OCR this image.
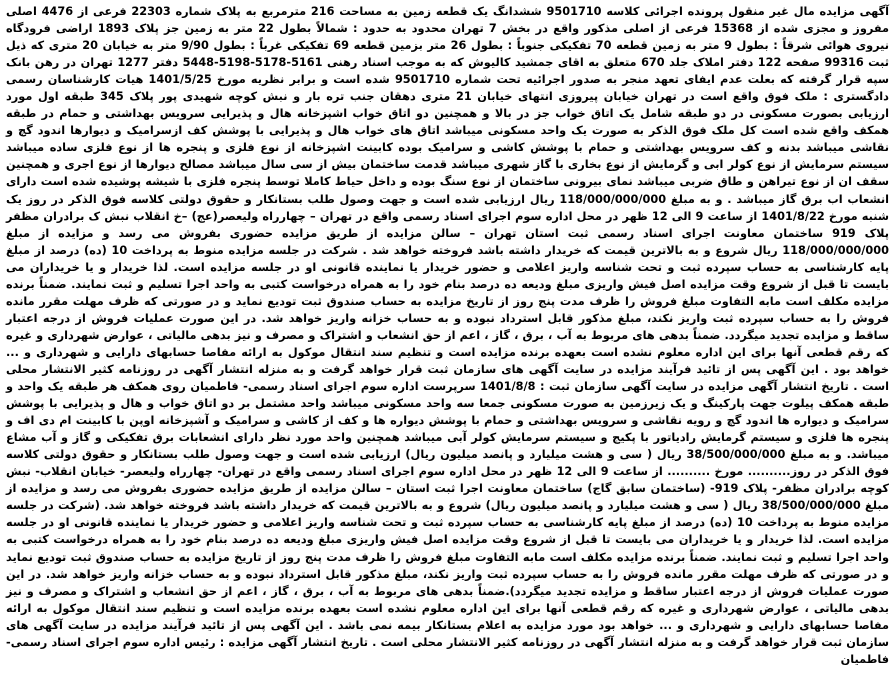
آگهی مزایده مال غیر منقول پرونده اجرائی کلاسه 9501710 ششدانگ یک قطعه زمین به مساحت 216 مترمربع به پلاک شماره 22303 فرعی از 4476 اصلی مفروز و مجزی شده از 15368 فرعی از اصلی مذکور واقع در بخش 7 تهران محدود به حدود : شمالاً بطول 22 متر به زمین جز پلاک 1893 اراضی فرودگاه نیروی هوائی شرقاً : بطول 9 متر به زمین قطعه 70 تفکیکی جنوباً : بطول 26 متر بزمین قطعه 69 تفکیکی غرباً : بطول 9/90 متر به خیابان 20 متری که ذیل ثبت 99316 صفحه 122 دفتر املاک جلد 670 متعلق به اقای جمشید کالیوش که به موجب اسناد رهنی 5161-5178-5198-5448 دفتر 1277 تهران در رهن بانک سپه قرار گرفته که بعلت عدم ایفای تعهد منجر به صدور اجرائیه تحت شماره 9501710 شده است و برابر نظریه مورخ 1401/5/25 هیات کارشناسان رسمی دادگستری : ملک فوق واقع است در تهران خیابان پیروزی انتهای خیابان 21 متری دهقان جنب تره بار و نبش کوچه شهیدی پور پلاک 345 طبقه اول مورد ارزیابی بصورت مسکونی در دو طبقه شامل یک اتاق خواب جز در بالا و همچنین دو اتاق خواب اشپزخانه هال و پذیرایی سرویس بهداشتی و حمام در طبقه همکف واقع شده است کل ملک فوق الذکر به صورت یک واحد مسکونی میباشد اتاق های خواب هال و پذیرایی با پوشش کف ازسرامیک و دیوارها اندود گچ و نقاشی میباشد بدنه و کف سرویس بهداشتی و حمام با پوشش کاشی و سرامیک بوده کابینت اشپزخانه از نوع فلزی و پنجره ها از نوع فلزی ساده میباشد سیستم سرمایش از نوع کولر ابی و گرمایش از نوع بخاری با گاز شهری میباشد قدمت ساختمان بیش از سی سال میباشد مصالح دیوارها از نوع اجری و همچنین سقف ان از نوع تیراهن و طاق ضربی میباشد نمای بیرونی ساختمان از نوع سنگ بوده و داخل حیاط کاملا توسط پنجره فلزی با شیشه پوشیده شده است دارای انشعاب اب برق گاز میباشد . و به مبلغ 118/000/000/000 ریال ارزیابی شده است و جهت وصول طلب بستانکار و حقوق دولتی کلاسه فوق الذکر در روز یک شنبه مورخ 1401/8/22 از ساعت 9 الی 12 ظهر در محل اداره سوم اجرای اسناد رسمی واقع در تهران – چهارراه ولیعصر(عج) –خ انقلاب نبش ک برادران مظفر پلاک 919 ساختمان معاونت اجرای اسناد رسمی ثبت استان تهران – سالن مزایده از طریق مزایده حضوری بفروش می رسد و مزایده از مبلغ 118/000/000/000 ریال شروع و به بالاترین قیمت که خریدار داشته باشد فروخته خواهد شد . شرکت در جلسه مزایده منوط به پرداخت 10 (ده) درصد از مبلغ پایه کارشناسی به حساب سپرده ثبت و تحت شناسه واریز اعلامی و حضور خریدار یا نماینده قانونی او در جلسه مزایده است. لذا خریدار و یا خریداران می بایست تا قبل از شروع وقت مزایده اصل فیش واریزی مبلغ ودیعه ده درصد بنام خود را به همراه درخواست کتبی به واحد اجرا تسلیم و ثبت نمایند. ضمناً برنده مزایده مکلف است مابه التفاوت مبلغ فروش را ظرف مدت پنج روز از تاریخ مزایده به حساب صندوق ثبت تودیع نماید و در صورتی که ظرف مهلت مقرر مانده فروش را به حساب سپرده ثبت واریز نکند، مبلغ مذکور قابل استرداد نبوده و به حساب خزانه واریز خواهد شد. در این صورت عملیات فروش از درجه اعتبار ساقط و مزایده تجدید میگردد. ضمناً بدهی های مربوط به آب ، برق ، گاز ، اعم از حق انشعاب و اشتراک و مصرف و نیز بدهی مالیاتی ، عوارض شهرداری و غیره که رقم قطعی آنها برای این اداره معلوم نشده است بعهده برنده مزایده است و تنظیم سند انتقال موکول به ارائه مفاصا حسابهای دارایی و شهرداری و ... خواهد بود . این آگهی پس از تائید فرآیند مزایده در سایت آگهی های سازمان ثبت قرار خواهد گرفت و به منزله انتشار آگهی در روزنامه کثیر الانتشار محلی است . تاریخ انتشار آگهی مزایده در سایت آگهی سازمان ثبت : 1401/8/8 سرپرست اداره سوم اجرای اسناد رسمی- فاطمیان روی همکف هر طبقه یک واحد و طبقه همکف پیلوت جهت پارکینگ و یک زیرزمین به صورت مسکونی جمعا سه واحد مسکونی میباشد واحد مشتمل بر دو اتاق خواب و هال و پذیرایی با پوشش سرامیک و دیواره ها اندود گچ و رویه نقاشی و سرویس بهداشتی و حمام با پوشش دیواره ها و کف از کاشی و سرامیک و آشپزخانه اوپن با کابینت ام دی اف و پنجره ها فلزی و سیستم گرمایش رادیاتور با پکیج و سیستم سرمایش کولر آبی میباشد همچنین واحد مورد نظر دارای انشعابات برق تفکیکی و گاز و آب مشاع میباشد. و به مبلغ 38/500/000/000 ریال ( سی و هشت میلیارد و پانصد میلیون ریال) ارزیابی شده است و جهت وصول طلب بستانکار و حقوق دولتی کلاسه فوق الذکر در روز.......... مورخ .......... از ساعت 9 الی 12 ظهر در محل اداره سوم اجرای اسناد رسمی واقع در تهران- چهارراه ولیعصر- خیابان انقلاب- نبش کوچه برادران مظفر- پلاک 919- (ساختمان سابق گاج) ساختمان معاونت اجرا ثبت استان – سالن مزایده از طریق مزایده حضوری بفروش می رسد و مزایده از مبلغ 38/500/000/000 ریال ( سی و هشت میلیارد و پانصد میلیون ریال) شروع و به بالاترین قیمت که خریدار داشته باشد فروخته خواهد شد. (شرکت در جلسه مزایده منوط به پرداخت 10 (ده) درصد از مبلغ پایه کارشناسی به حساب سپرده ثبت و تحت شناسه واریز اعلامی و حضور خریدار یا نماینده قانونی او در جلسه مزایده است. لذا خریدار و یا خریداران می بایست تا قبل از شروع وقت مزایده اصل فیش واریزی مبلغ ودیعه ده درصد بنام خود را به همراه درخواست کتبی به واحد اجرا تسلیم و ثبت نمایند. ضمناً برنده مزایده مکلف است مابه التفاوت مبلغ فروش را ظرف مدت پنج روز از تاریخ مزایده به حساب صندوق ثبت تودیع نماید و در صورتی که ظرف مهلت مقرر مانده فروش را به حساب سپرده ثبت واریز نکند، مبلغ مذکور قابل استرداد نبوده و به حساب خزانه واریز خواهد شد. در این صورت عملیات فروش از درجه اعتبار ساقط و مزایده تجدید میگردد).ضمناً بدهی های مربوط به آب ، برق ، گاز ، اعم از حق انشعاب و اشتراک و مصرف و نیز بدهی مالیاتی ، عوارض شهرداری و غیره که رقم قطعی آنها برای این اداره معلوم نشده است بعهده برنده مزایده است و تنظیم سند انتقال موکول به ارائه مفاصا حسابهای دارایی و شهرداری و ... خواهد بود مورد مزایده به اعلام بستانکار بیمه نمی باشد . این آگهی پس از تائید فرآیند مزایده در سایت آگهی های سازمان ثبت قرار خواهد گرفت و به منزله انتشار آگهی در روزنامه کثیر الانتشار محلی است . تاریخ انتشار آگهی مزایده : رئیس اداره سوم اجرای اسناد رسمی- فاطمیان
